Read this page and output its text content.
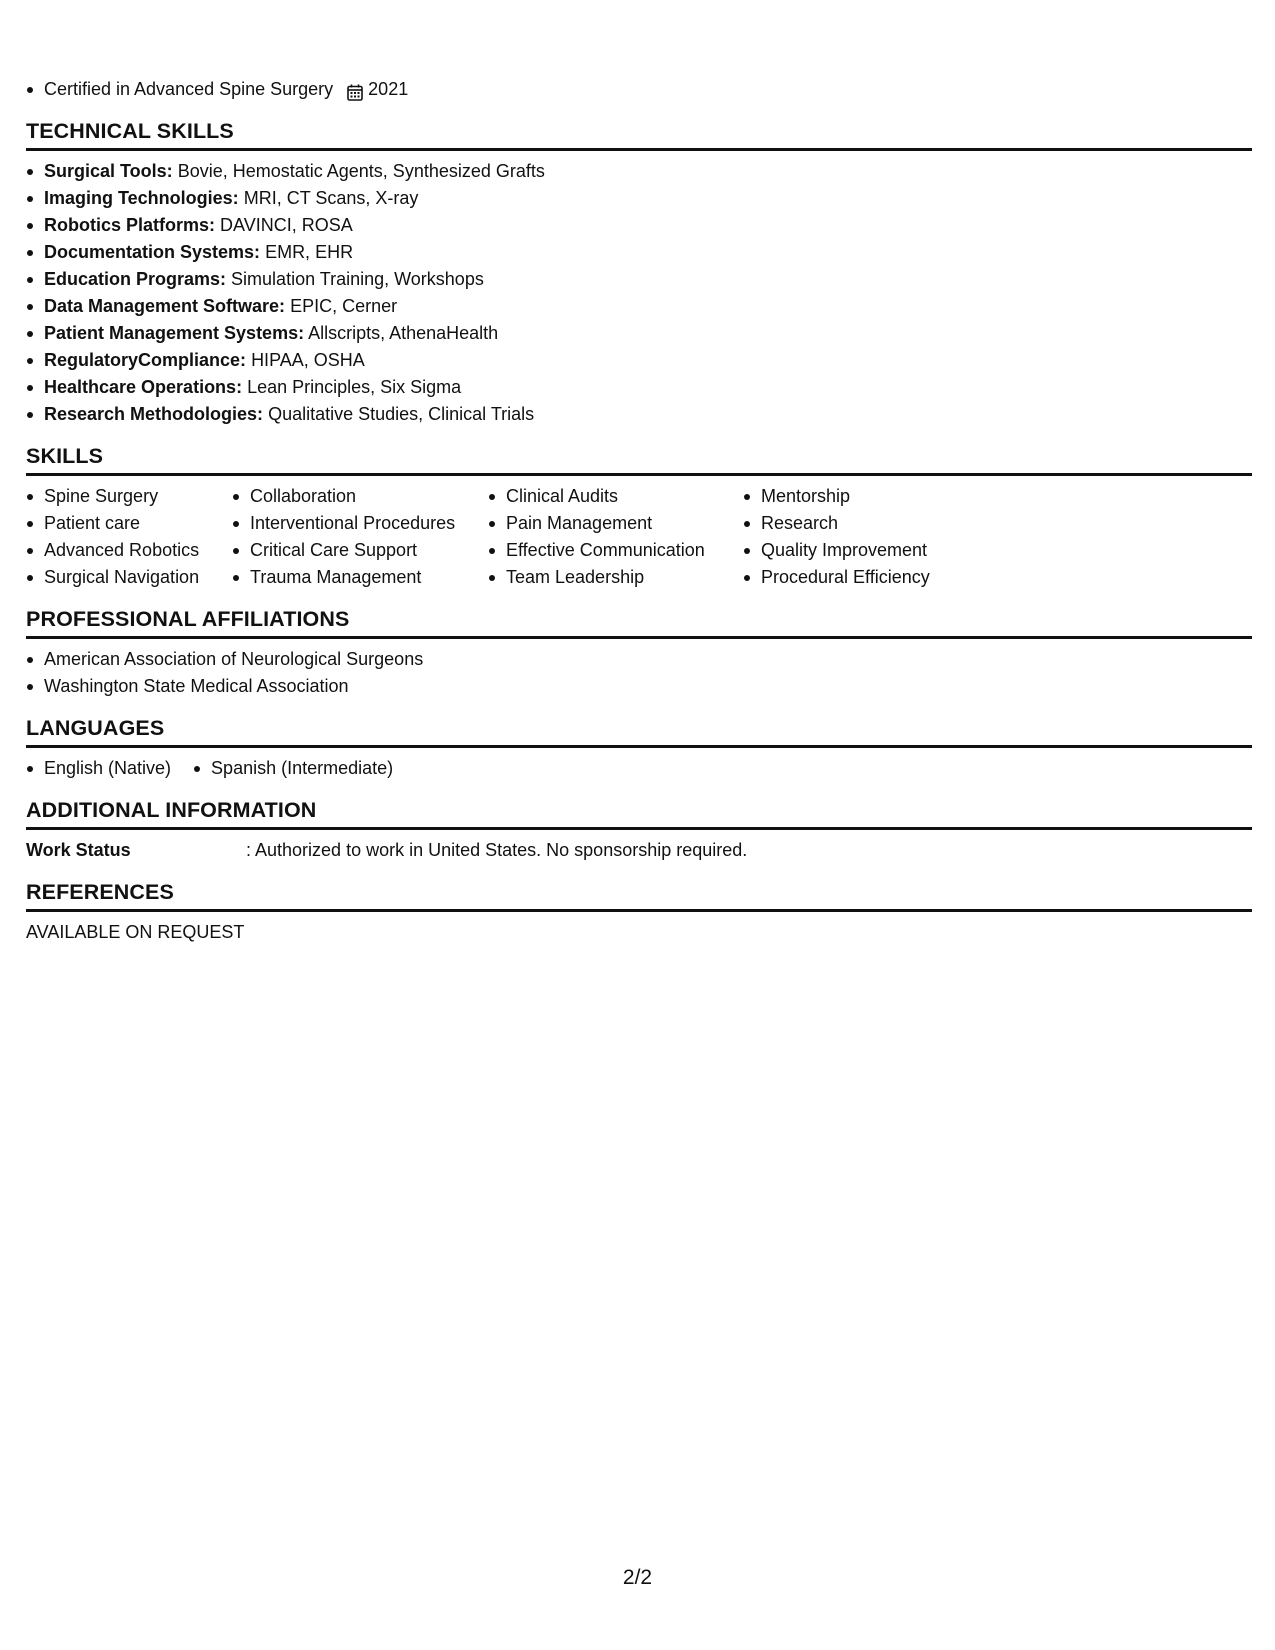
Certified in Advanced Spine Surgery 2021
TECHNICAL SKILLS
Surgical Tools: Bovie, Hemostatic Agents, Synthesized Grafts
Imaging Technologies: MRI, CT Scans, X-ray
Robotics Platforms: DAVINCI, ROSA
Documentation Systems: EMR, EHR
Education Programs: Simulation Training, Workshops
Data Management Software: EPIC, Cerner
Patient Management Systems: Allscripts, AthenaHealth
RegulatoryCompliance: HIPAA, OSHA
Healthcare Operations: Lean Principles, Six Sigma
Research Methodologies: Qualitative Studies, Clinical Trials
SKILLS
Spine Surgery
Patient care
Advanced Robotics
Surgical Navigation
Collaboration
Interventional Procedures
Critical Care Support
Trauma Management
Clinical Audits
Pain Management
Effective Communication
Team Leadership
Mentorship
Research
Quality Improvement
Procedural Efficiency
PROFESSIONAL AFFILIATIONS
American Association of Neurological Surgeons
Washington State Medical Association
LANGUAGES
English (Native)	Spanish (Intermediate)
ADDITIONAL INFORMATION
Work Status	: Authorized to work in United States. No sponsorship required.
REFERENCES
AVAILABLE ON REQUEST
2/2
